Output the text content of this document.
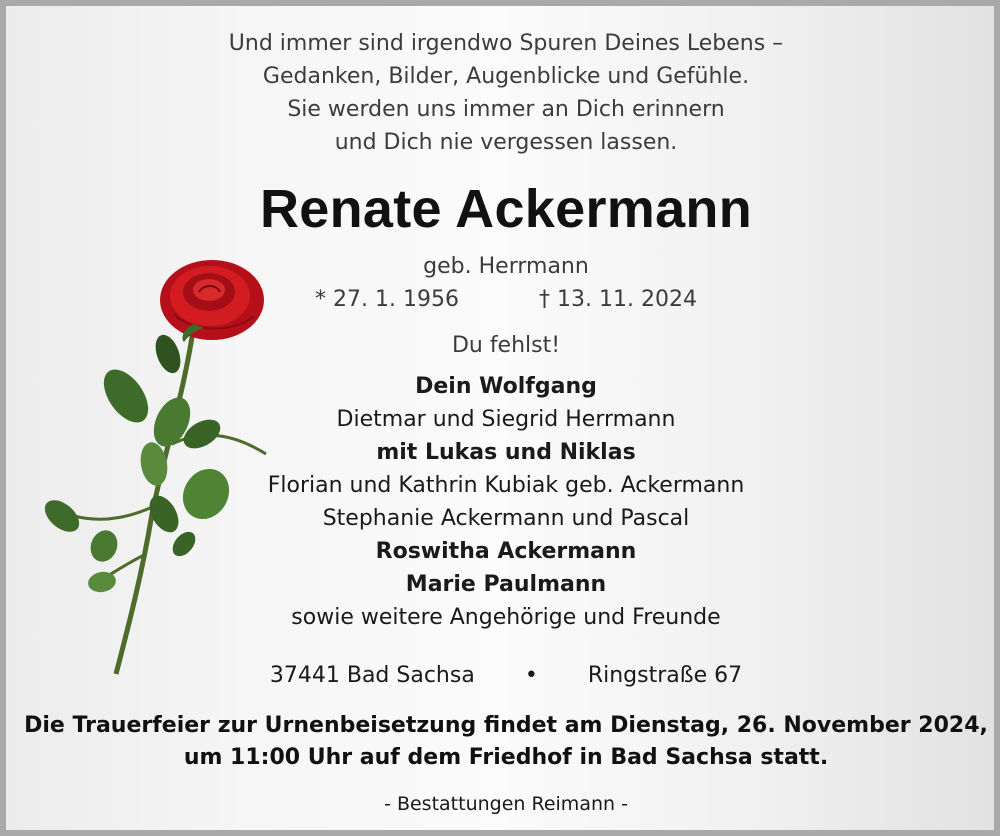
Und immer sind irgendwo Spuren Deines Lebens –
Gedanken, Bilder, Augenblicke und Gefühle.
Sie werden uns immer an Dich erinnern
und Dich nie vergessen lassen.
Renate Ackermann
geb. Herrmann
* 27. 1. 1956	† 13. 11. 2024
Du fehlst!
Dein Wolfgang
Dietmar und Siegrid Herrmann
mit Lukas und Niklas
Florian und Kathrin Kubiak geb. Ackermann
Stephanie Ackermann und Pascal
Roswitha Ackermann
Marie Paulmann
sowie weitere Angehörige und Freunde
37441 Bad Sachsa • Ringstraße 67
Die Trauerfeier zur Urnenbeisetzung findet am Dienstag, 26. November 2024,
um 11:00 Uhr auf dem Friedhof in Bad Sachsa statt.
- Bestattungen Reimann -
